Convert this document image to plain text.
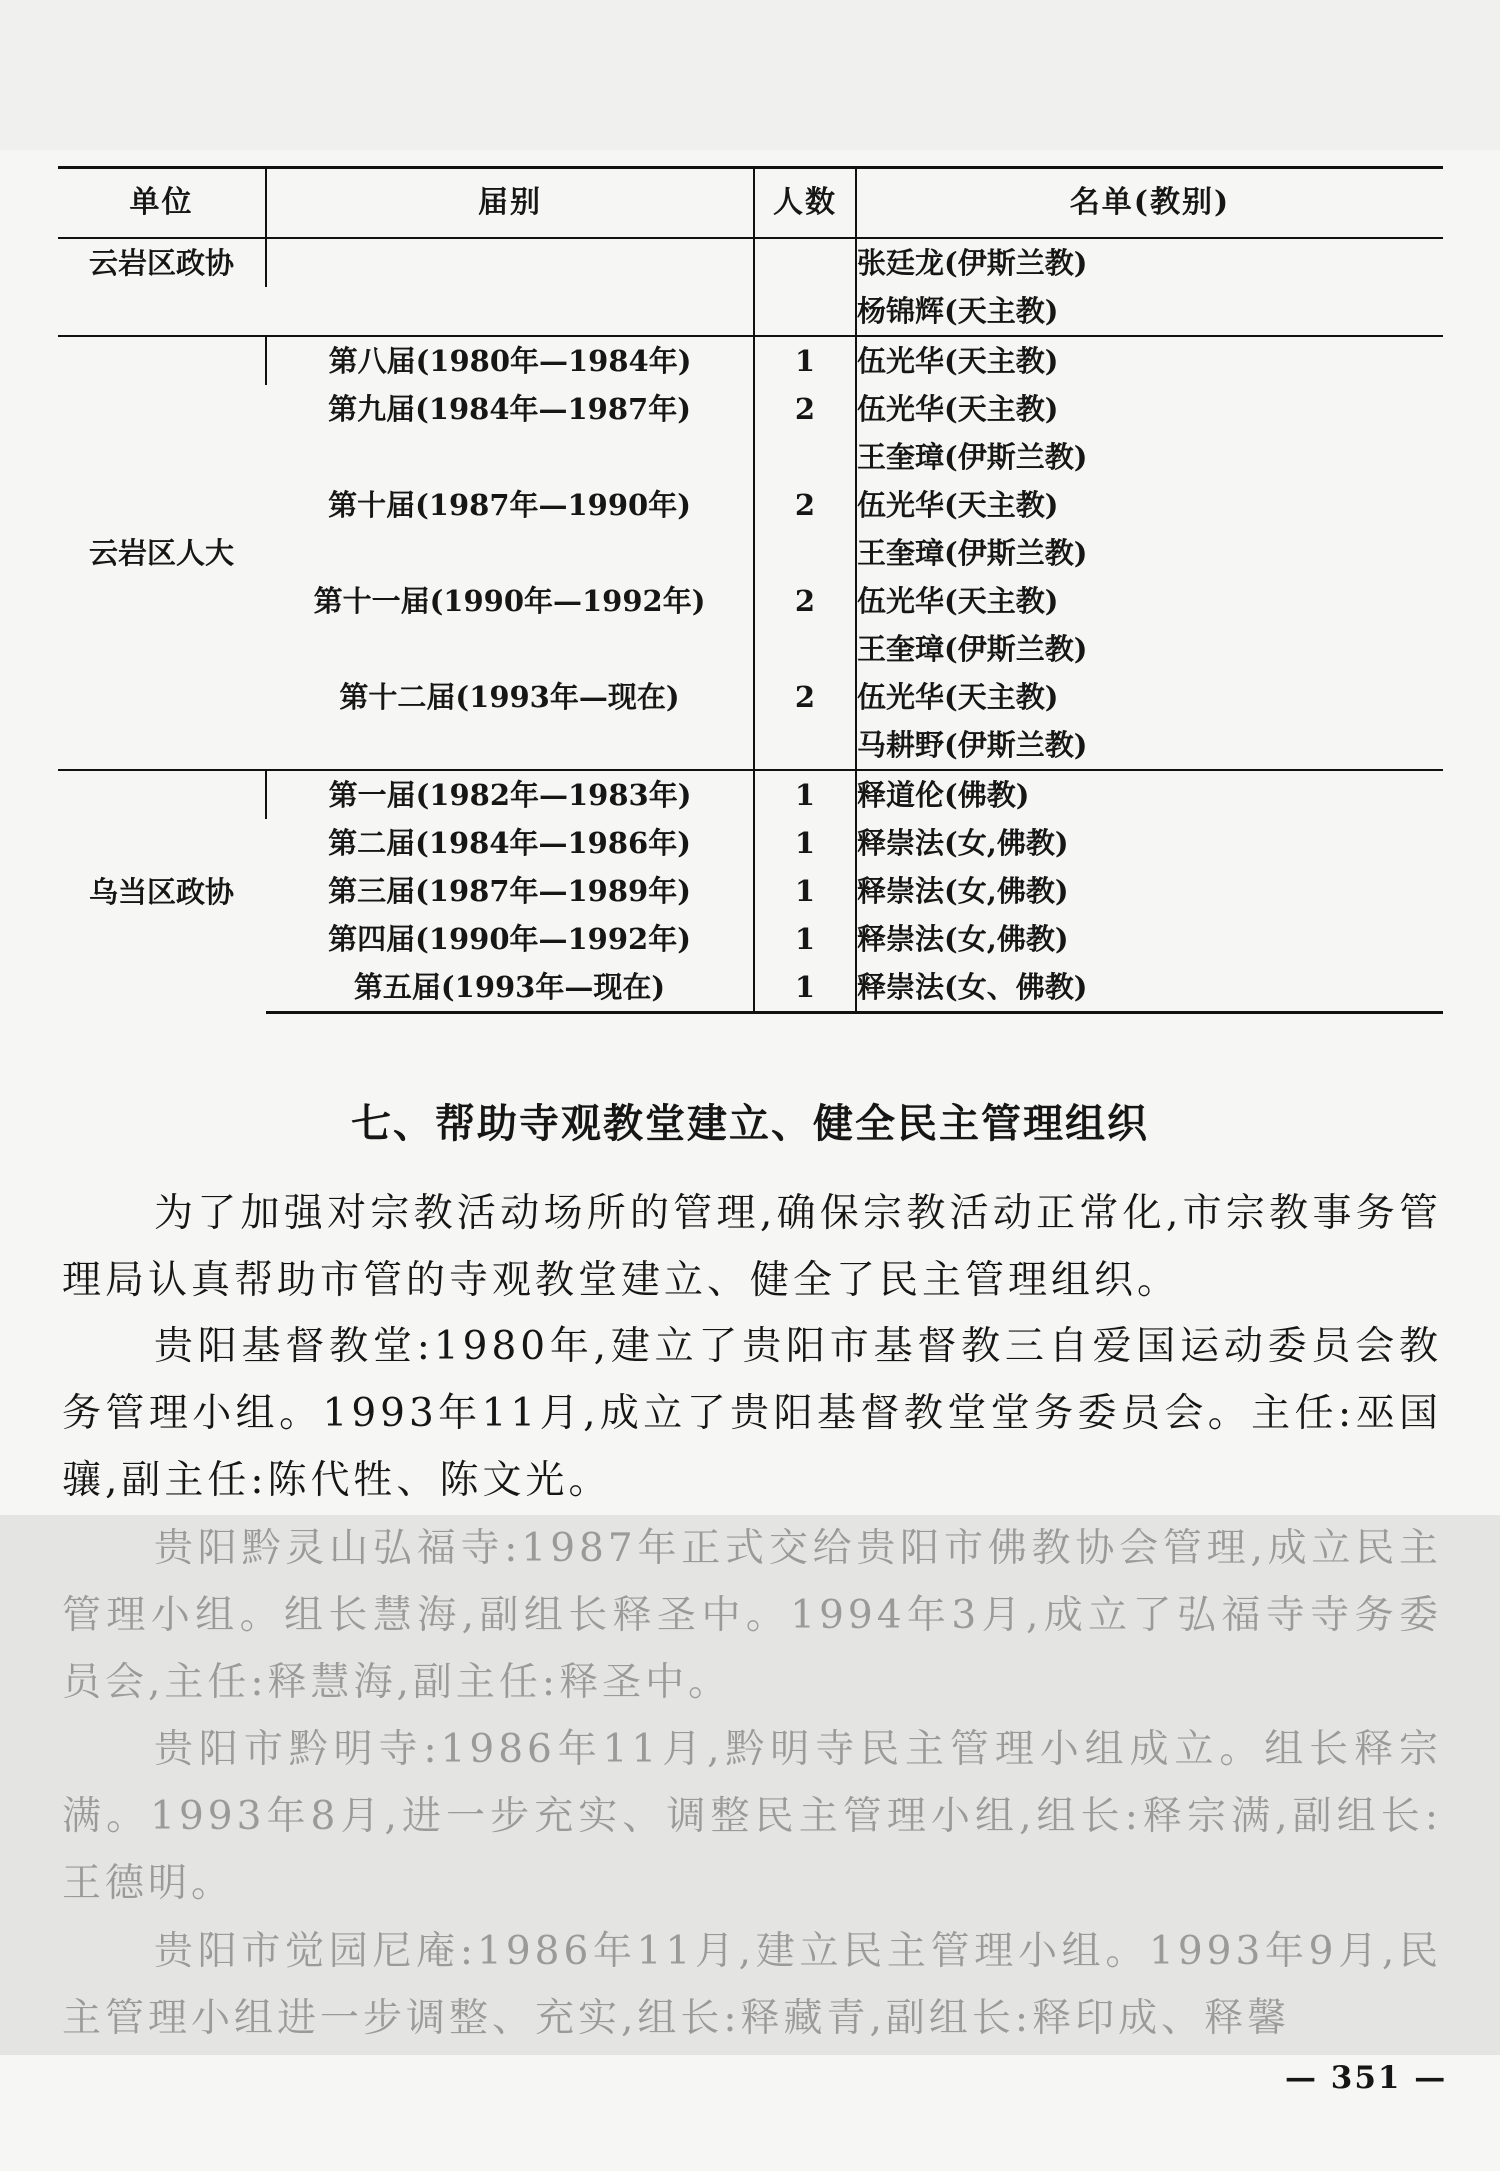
单位	届别	人数	名单(教别)
云岩区政协			张廷龙(伊斯兰教)
			杨锦辉(天主教)
云岩区人大	第八届(1980年—1984年)	1	伍光华(天主教)
	第九届(1984年—1987年)	2	伍光华(天主教)
			王奎璋(伊斯兰教)
	第十届(1987年—1990年)	2	伍光华(天主教)
			王奎璋(伊斯兰教)
	第十一届(1990年—1992年)	2	伍光华(天主教)
			王奎璋(伊斯兰教)
	第十二届(1993年—现在)	2	伍光华(天主教)
			马耕野(伊斯兰教)
乌当区政协	第一届(1982年—1983年)	1	释道伦(佛教)
	第二届(1984年—1986年)	1	释崇法(女,佛教)
	第三届(1987年—1989年)	1	释崇法(女,佛教)
	第四届(1990年—1992年)	1	释崇法(女,佛教)
	第五届(1993年—现在)	1	释崇法(女、佛教)
七、帮助寺观教堂建立、健全民主管理组织

为了加强对宗教活动场所的管理,确保宗教活动正常化,市宗教事务管理局认真帮助市管的寺观教堂建立、健全了民主管理组织。

贵阳基督教堂:1980年,建立了贵阳市基督教三自爱国运动委员会教务管理小组。1993年11月,成立了贵阳基督教堂堂务委员会。主任:巫国骧,副主任:陈代牲、陈文光。

贵阳黔灵山弘福寺:1987年正式交给贵阳市佛教协会管理,成立民主管理小组。组长慧海,副组长释圣中。1994年3月,成立了弘福寺寺务委员会,主任:释慧海,副主任:释圣中。

贵阳市黔明寺:1986年11月,黔明寺民主管理小组成立。组长释宗满。1993年8月,进一步充实、调整民主管理小组,组长:释宗满,副组长:王德明。

贵阳市觉园尼庵:1986年11月,建立民主管理小组。1993年9月,民主管理小组进一步调整、充实,组长:释藏青,副组长:释印成、释馨

— 351 —
